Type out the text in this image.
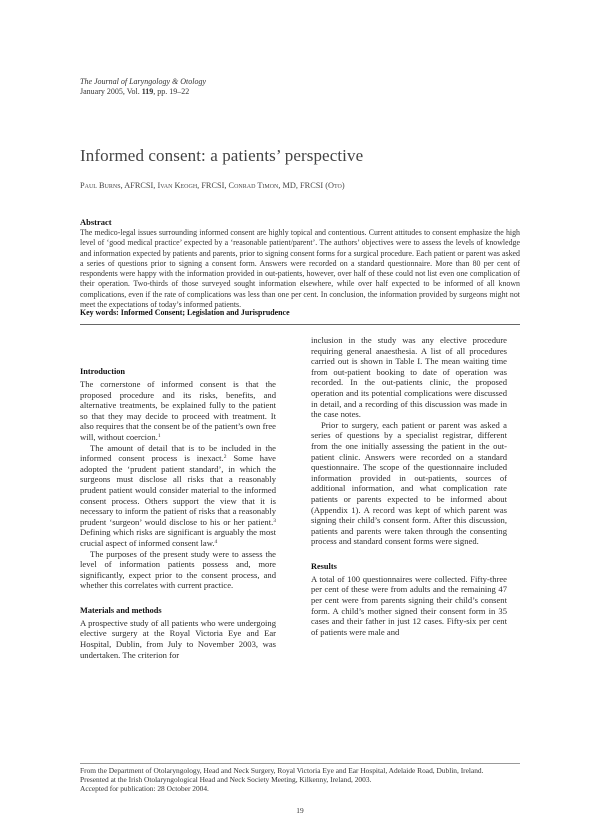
The Journal of Laryngology & Otology
January 2005, Vol. 119, pp. 19–22
Informed consent: a patients’ perspective
Paul Burns, AFRCSI, Ivan Keogh, FRCSI, Conrad Timon, MD, FRCSI (Oto)
Abstract

The medico-legal issues surrounding informed consent are highly topical and contentious. Current attitudes to consent emphasize the high level of ‘good medical practice’ expected by a ‘reasonable patient/parent’. The authors’ objectives were to assess the levels of knowledge and information expected by patients and parents, prior to signing consent forms for a surgical procedure. Each patient or parent was asked a series of questions prior to signing a consent form. Answers were recorded on a standard questionnaire. More than 80 per cent of respondents were happy with the information provided in out-patients, however, over half of these could not list even one complication of their operation. Two-thirds of those surveyed sought information elsewhere, while over half expected to be informed of all known complications, even if the rate of complications was less than one per cent. In conclusion, the information provided by surgeons might not meet the expectations of today’s informed patients.

Key words: Informed Consent; Legislation and Jurisprudence
Introduction

The cornerstone of informed consent is that the proposed procedure and its risks, benefits, and alternative treatments, be explained fully to the patient so that they may decide to proceed with treatment. It also requires that the consent be of the patient’s own free will, without coercion.$^1$

The amount of detail that is to be included in the informed consent process is inexact.$^2$ Some have adopted the ‘prudent patient standard’, in which the surgeons must disclose all risks that a reasonably prudent patient would consider material to the informed consent process. Others support the view that it is necessary to inform the patient of risks that a reasonably prudent ‘surgeon’ would disclose to his or her patient.$^3$ Defining which risks are significant is arguably the most crucial aspect of informed consent law.$^4$

The purposes of the present study were to assess the level of information patients possess and, more significantly, expect prior to the consent process, and whether this correlates with current practice.

Materials and methods

A prospective study of all patients who were undergoing elective surgery at the Royal Victoria Eye and Ear Hospital, Dublin, from July to November 2003, was undertaken. The criterion for

inclusion in the study was any elective procedure requiring general anaesthesia. A list of all procedures carried out is shown in Table I. The mean waiting time from out-patient booking to date of operation was recorded. In the out-patients clinic, the proposed operation and its potential complications were discussed in detail, and a recording of this discussion was made in the case notes.

Prior to surgery, each patient or parent was asked a series of questions by a specialist registrar, different from the one initially assessing the patient in the out-patient clinic. Answers were recorded on a standard questionnaire. The scope of the questionnaire included information provided in out-patients, sources of additional information, and what complication rate patients or parents expected to be informed about (Appendix 1). A record was kept of which parent was signing their child’s consent form. After this discussion, patients and parents were taken through the consenting process and standard consent forms were signed.

Results

A total of 100 questionnaires were collected. Fifty-three per cent of these were from adults and the remaining 47 per cent were from parents signing their child’s consent form. A child’s mother signed their consent form in 35 cases and their father in just 12 cases. Fifty-six per cent of patients were male and

From the Department of Otolaryngology, Head and Neck Surgery, Royal Victoria Eye and Ear Hospital, Adelaide Road, Dublin, Ireland.
Presented at the Irish Otolaryngological Head and Neck Society Meeting, Kilkenny, Ireland, 2003.
Accepted for publication: 28 October 2004.
19
